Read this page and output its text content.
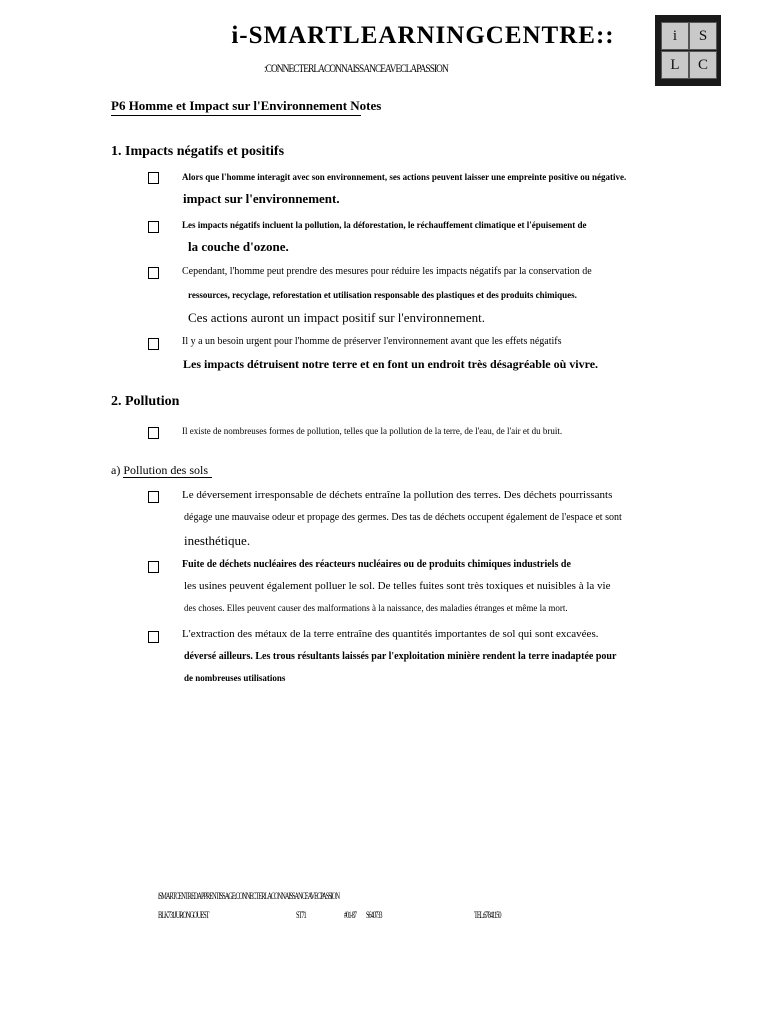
i-SMARTLEARNINGCENTRE::
:CONNECTERLACONNAISSANCEAVECLAPASSION
i	S
L	C
P6 Homme et Impact sur l'Environnement Notes
1. Impacts négatifs et positifs
Alors que l'homme interagit avec son environnement, ses actions peuvent laisser une empreinte positive ou négative.
impact sur l'environnement.
Les impacts négatifs incluent la pollution, la déforestation, le réchauffement climatique et l'épuisement de
la couche d'ozone.
Cependant, l'homme peut prendre des mesures pour réduire les impacts négatifs par la conservation de
ressources, recyclage, reforestation et utilisation responsable des plastiques et des produits chimiques.
Ces actions auront un impact positif sur l'environnement.
Il y a un besoin urgent pour l'homme de préserver l'environnement avant que les effets négatifs
Les impacts détruisent notre terre et en font un endroit très désagréable où vivre.
2. Pollution
Il existe de nombreuses formes de pollution, telles que la pollution de la terre, de l'eau, de l'air et du bruit.
a) Pollution des sols
Le déversement irresponsable de déchets entraîne la pollution des terres. Des déchets pourrissants
dégage une mauvaise odeur et propage des germes. Des tas de déchets occupent également de l'espace et sont
inesthétique.
Fuite de déchets nucléaires des réacteurs nucléaires ou de produits chimiques industriels de
les usines peuvent également polluer le sol. De telles fuites sont très toxiques et nuisibles à la vie
des choses. Elles peuvent causer des malformations à la naissance, des maladies étranges et même la mort.
L'extraction des métaux de la terre entraîne des quantités importantes de sol qui sont excavées.
déversé ailleurs. Les trous résultants laissés par l'exploitation minière rendent la terre inadaptée pour
de nombreuses utilisations
iSMARTCENTREDAPPRENTISSAGE:CONNECTERLACONNAISSANCEAVECPASSION
BLK731JURONGOUEST	ST71	#01-87 S640733	TEL:67841150
